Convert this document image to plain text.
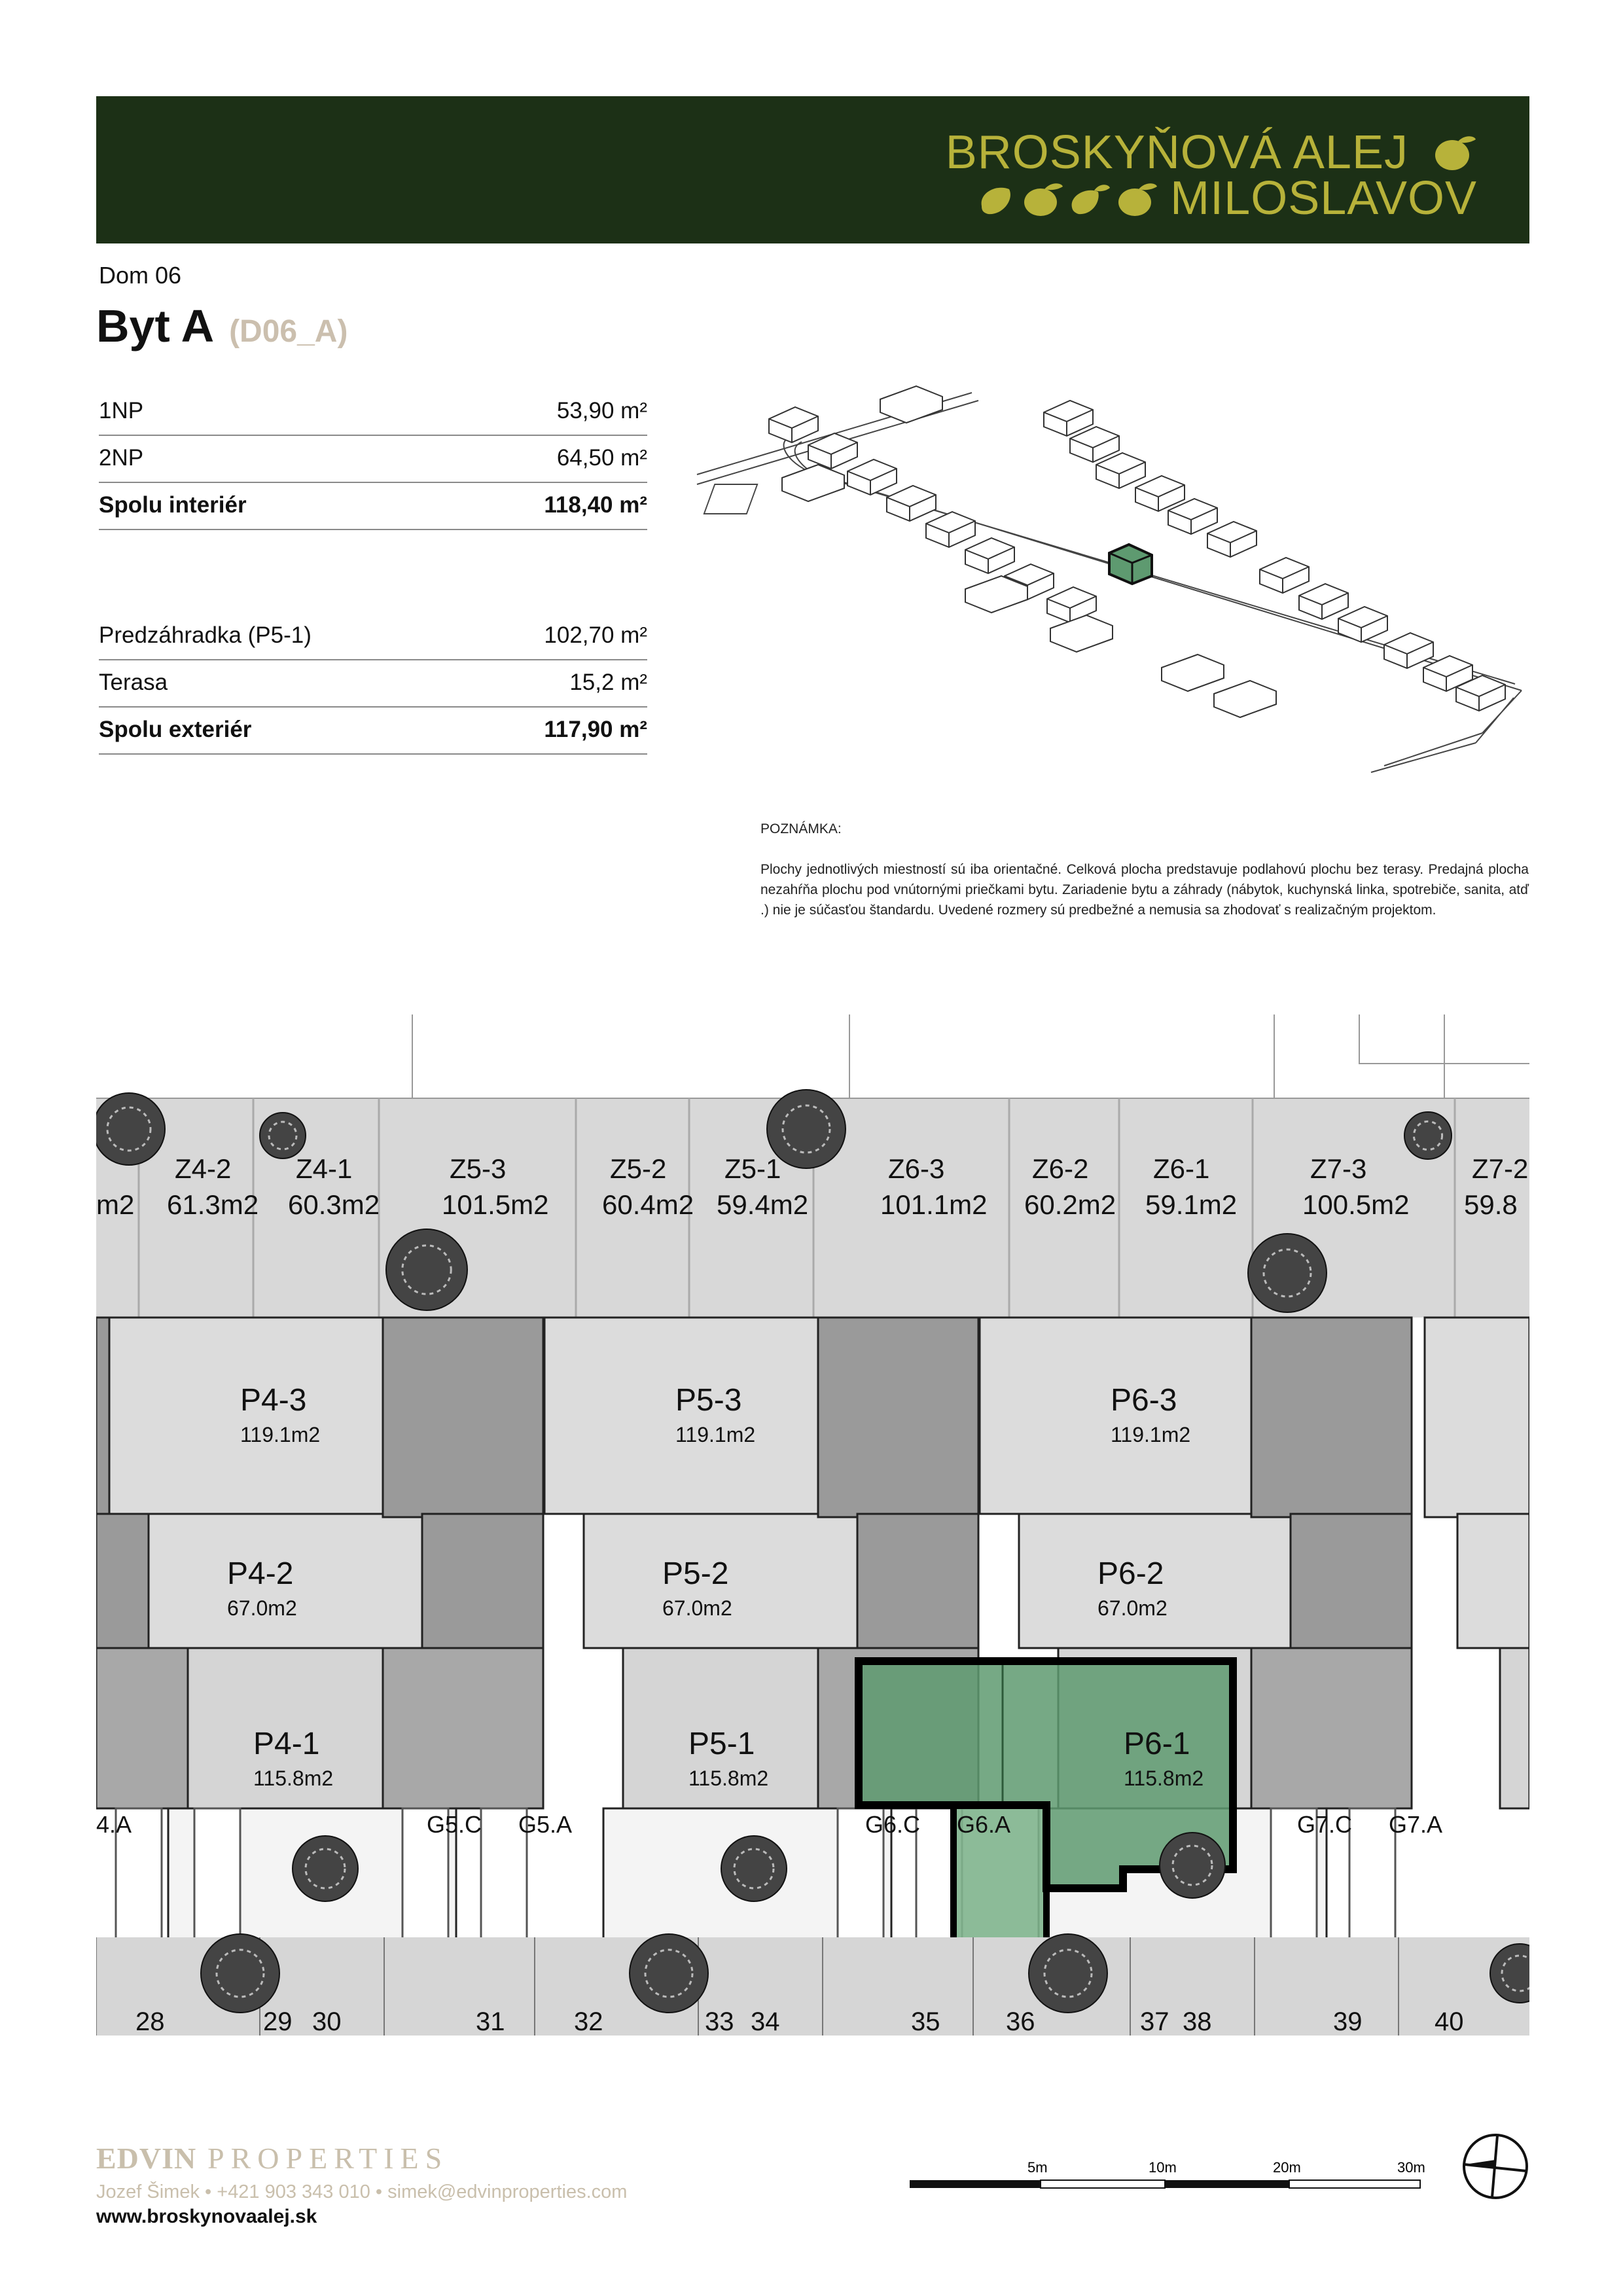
BROSKYŇOVÁ ALEJ
MILOSLAVOV
Dom 06
Byt A (D06_A)
1NP	53,90 m²
2NP	64,50 m²
Spolu interiér	118,40 m²
Predzáhradka (P5-1)	102,70 m²
Terasa	15,2 m²
Spolu exteriér	117,90 m²
POZNÁMKA:
Plochy jednotlivých miestností sú iba orientačné. Celková plocha predstavuje podlahovú plochu bez terasy. Predajná plocha nezahŕňa plochu pod vnútornými priečkami bytu. Zariadenie bytu a záhrady (nábytok, kuchynská linka, spotrebiče, sanita, atď .) nie je súčasťou štandardu. Uvedené rozmery sú predbežné a nemusia sa zhodovať s realizačným projektom.
m2
Z4-2
61.3m2
Z4-1
60.3m2
Z5-3
101.5m2
Z5-2
60.4m2
Z5-1
59.4m2
Z6-3
101.1m2
Z6-2
60.2m2
Z6-1
59.1m2
Z7-3
100.5m2
Z7-2
59.8
P4-3
119.1m2
P5-3
119.1m2
P6-3
119.1m2
P4-2
67.0m2
P5-2
67.0m2
P6-2
67.0m2
P4-1
115.8m2
P5-1
115.8m2
P6-1
115.8m2
4.A	G5.C G5.A	G6.C G6.A	G7.C G7.A
28	29 30	31	32	33 34	35	36	37 38	39	40
EDVIN PROPERTIES
Jozef Šimek • +421 903 343 010 • simek@edvinproperties.com
www.broskynovaalej.sk
5m	10m	20m	30m
